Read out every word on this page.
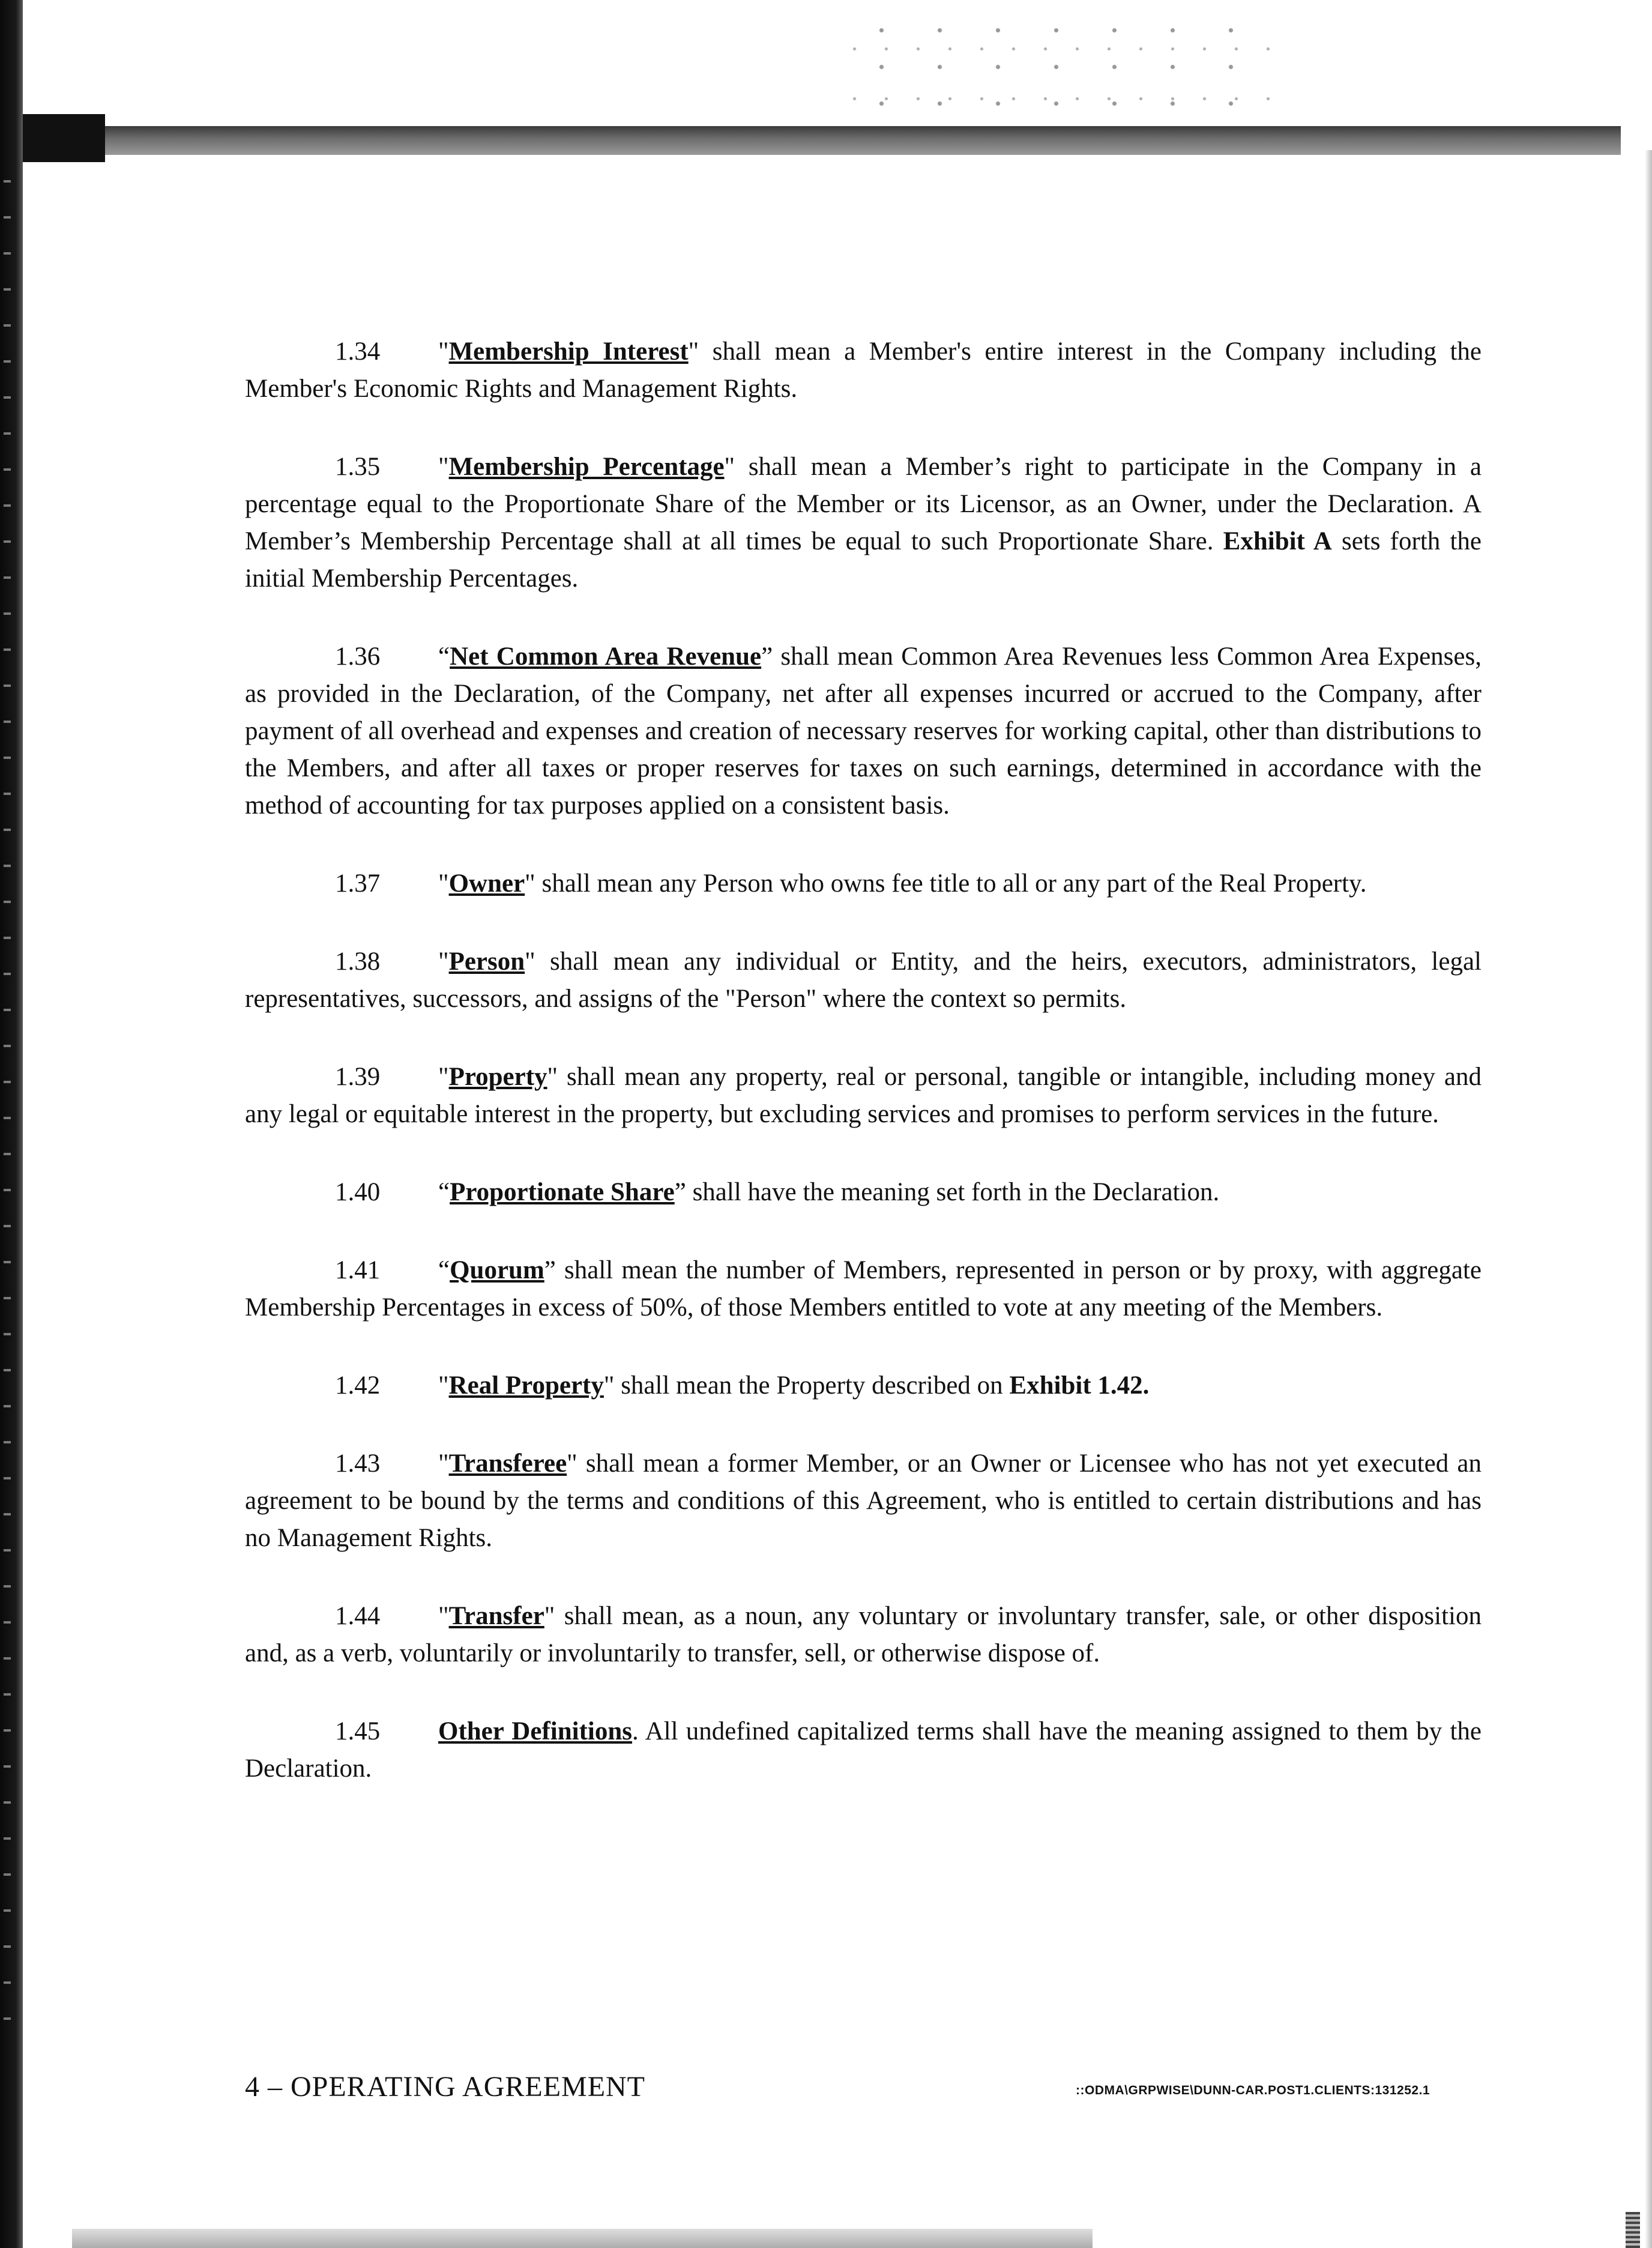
1.34 "Membership Interest" shall mean a Member's entire interest in the Company including the Member's Economic Rights and Management Rights.

1.35 "Membership Percentage" shall mean a Member’s right to participate in the Company in a percentage equal to the Proportionate Share of the Member or its Licensor, as an Owner, under the Declaration. A Member’s Membership Percentage shall at all times be equal to such Proportionate Share. Exhibit A sets forth the initial Membership Percentages.

1.36 “Net Common Area Revenue” shall mean Common Area Revenues less Common Area Expenses, as provided in the Declaration, of the Company, net after all expenses incurred or accrued to the Company, after payment of all overhead and expenses and creation of necessary reserves for working capital, other than distributions to the Members, and after all taxes or proper reserves for taxes on such earnings, determined in accordance with the method of accounting for tax purposes applied on a consistent basis.

1.37 "Owner" shall mean any Person who owns fee title to all or any part of the Real Property.

1.38 "Person" shall mean any individual or Entity, and the heirs, executors, administrators, legal representatives, successors, and assigns of the "Person" where the context so permits.

1.39 "Property" shall mean any property, real or personal, tangible or intangible, including money and any legal or equitable interest in the property, but excluding services and promises to perform services in the future.

1.40 “Proportionate Share” shall have the meaning set forth in the Declaration.

1.41 “Quorum” shall mean the number of Members, represented in person or by proxy, with aggregate Membership Percentages in excess of 50%, of those Members entitled to vote at any meeting of the Members.

1.42 "Real Property" shall mean the Property described on Exhibit 1.42.

1.43 "Transferee" shall mean a former Member, or an Owner or Licensee who has not yet executed an agreement to be bound by the terms and conditions of this Agreement, who is entitled to certain distributions and has no Management Rights.

1.44 "Transfer" shall mean, as a noun, any voluntary or involuntary transfer, sale, or other disposition and, as a verb, voluntarily or involuntarily to transfer, sell, or otherwise dispose of.

1.45 Other Definitions. All undefined capitalized terms shall have the meaning assigned to them by the Declaration.

4 – OPERATING AGREEMENT	::ODMA\GRPWISE\DUNN-CAR.POST1.CLIENTS:131252.1
